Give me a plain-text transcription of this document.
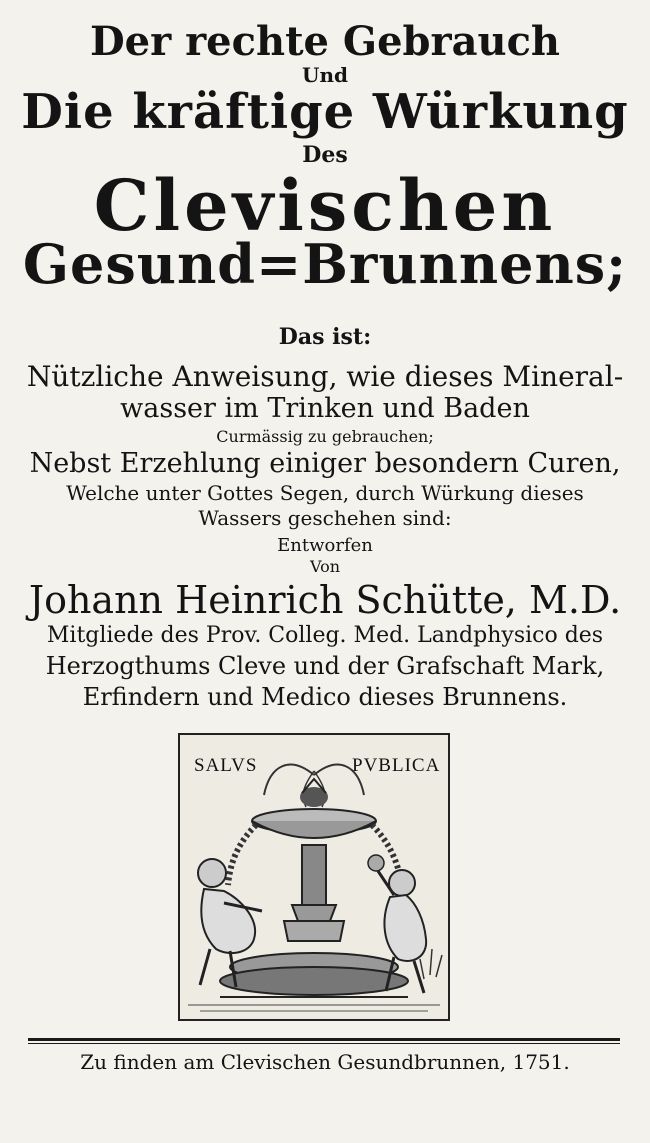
Der rechte Gebrauch
Und
Die kräftige Würkung
Des
Clevischen
Gesund=Brunnens;
Das ist:
Nützliche Anweisung, wie dieses Mineral-
wasser im Trinken und Baden
Curmässig zu gebrauchen;
Nebst Erzehlung einiger besondern Curen,
Welche unter Gottes Segen, durch Würkung dieses
Wassers geschehen sind:
Entworfen
Von
Johann Heinrich Schütte, M.D.
Mitgliede des Prov. Colleg. Med. Landphysico des
Herzogthums Cleve und der Grafschaft Mark,
Erfindern und Medico dieses Brunnens.
SALVS	PVBLICA
Zu finden am Clevischen Gesundbrunnen, 1751.
